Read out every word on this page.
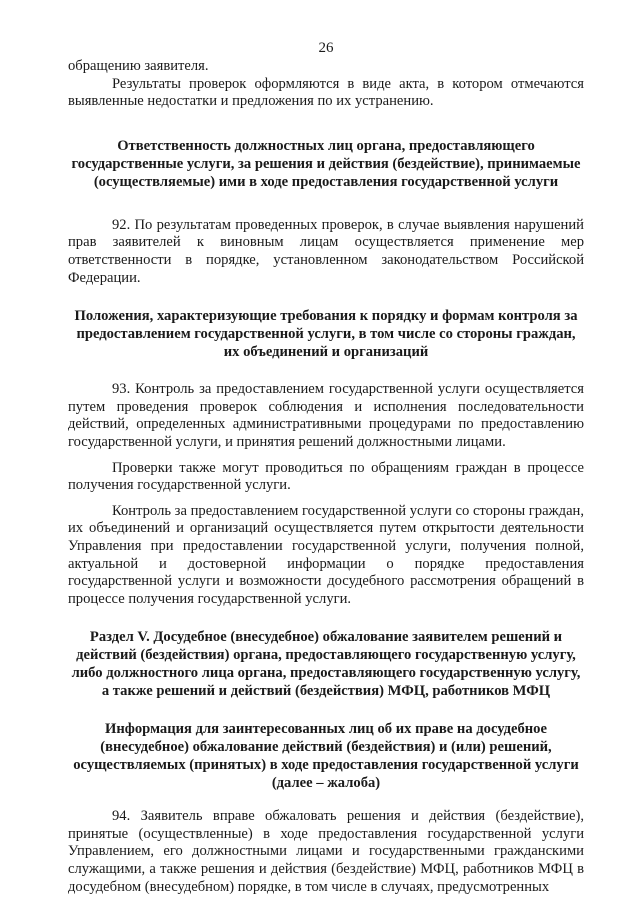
26

обращению заявителя.

Результаты проверок оформляются в виде акта, в котором отмечаются выявленные недостатки и предложения по их устранению.

Ответственность должностных лиц органа, предоставляющего государственные услуги, за решения и действия (бездействие), принимаемые (осуществляемые) ими в ходе предоставления государственной услуги

92. По результатам проведенных проверок, в случае выявления нарушений прав заявителей к виновным лицам осуществляется применение мер ответственности в порядке, установленном законодательством Российской Федерации.

Положения, характеризующие требования к порядку и формам контроля за предоставлением государственной услуги, в том числе со стороны граждан, их объединений и организаций

93. Контроль за предоставлением государственной услуги осуществляется путем проведения проверок соблюдения и исполнения последовательности действий, определенных административными процедурами по предоставлению государственной услуги, и принятия решений должностными лицами.

Проверки также могут проводиться по обращениям граждан в процессе получения государственной услуги.

Контроль за предоставлением государственной услуги со стороны граждан, их объединений и организаций осуществляется путем открытости деятельности Управления при предоставлении государственной услуги, получения полной, актуальной и достоверной информации о порядке предоставления государственной услуги и возможности досудебного рассмотрения обращений в процессе получения государственной услуги.

Раздел V. Досудебное (внесудебное) обжалование заявителем решений и действий (бездействия) органа, предоставляющего государственную услугу, либо должностного лица органа, предоставляющего государственную услугу, а также решений и действий (бездействия) МФЦ, работников МФЦ
Информация для заинтересованных лиц об их праве на досудебное (внесудебное) обжалование действий (бездействия) и (или) решений, осуществляемых (принятых) в ходе предоставления государственной услуги (далее – жалоба)

94. Заявитель вправе обжаловать решения и действия (бездействие), принятые (осуществленные) в ходе предоставления государственной услуги Управлением, его должностными лицами и государственными гражданскими служащими, а также решения и действия (бездействие) МФЦ, работников МФЦ в досудебном (внесудебном) порядке, в том числе в случаях, предусмотренных
